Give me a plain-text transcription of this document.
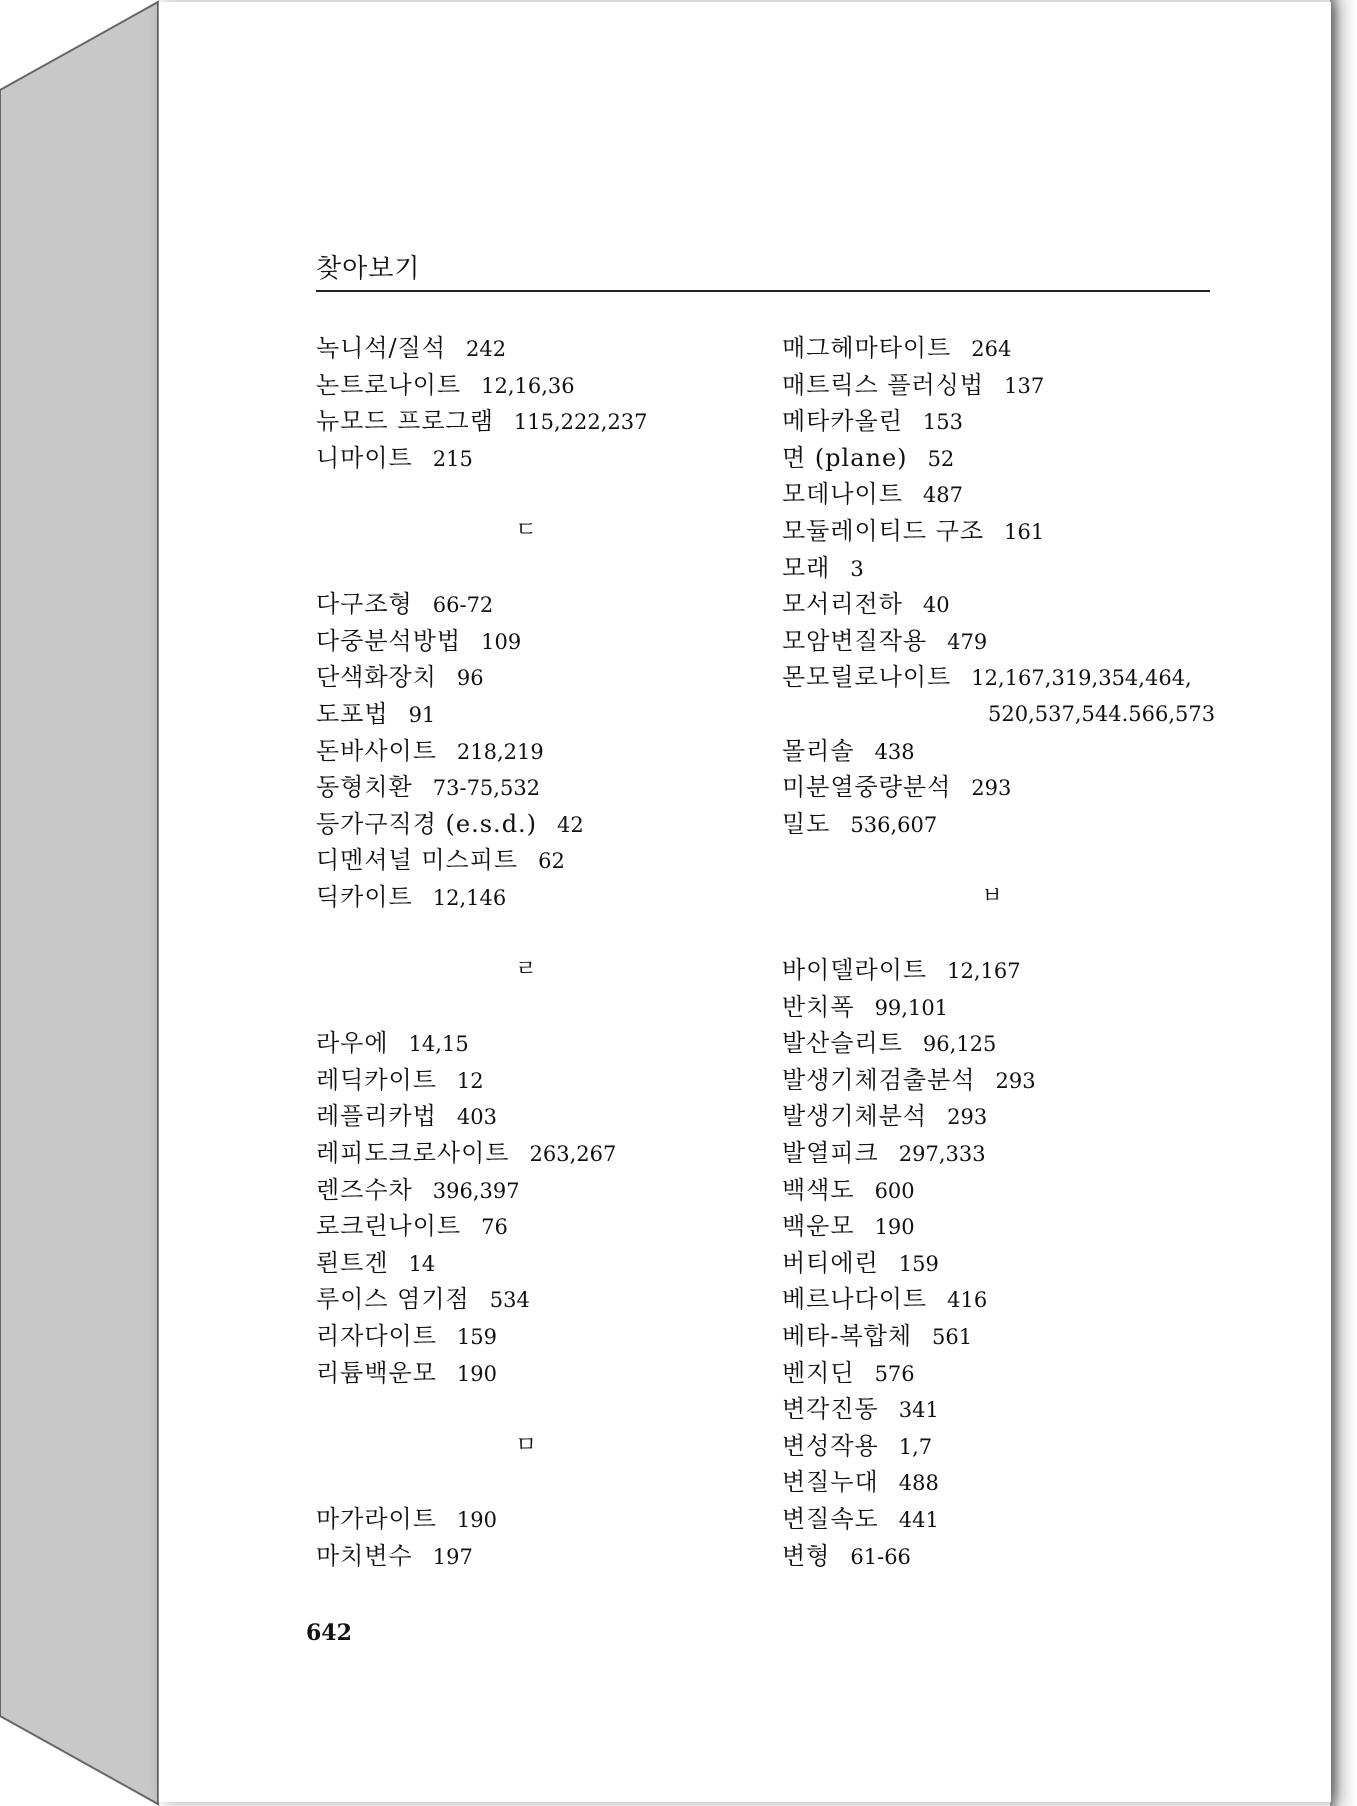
찾아보기
녹니석/질석 242
논트로나이트 12,16,36
뉴모드 프로그램 115,222,237
니마이트 215
ㄷ
다구조형 66-72
다중분석방법 109
단색화장치 96
도포법 91
돈바사이트 218,219
동형치환 73-75,532
등가구직경 (e.s.d.) 42
디멘셔널 미스피트 62
딕카이트 12,146
ㄹ
라우에 14,15
레딕카이트 12
레플리카법 403
레피도크로사이트 263,267
렌즈수차 396,397
로크린나이트 76
뢴트겐 14
루이스 염기점 534
리자다이트 159
리튬백운모 190
ㅁ
마가라이트 190
마치변수 197
매그헤마타이트 264
매트릭스 플러싱법 137
메타카올린 153
면 (plane) 52
모데나이트 487
모듈레이티드 구조 161
모래 3
모서리전하 40
모암변질작용 479
몬모릴로나이트 12,167,319,354,464,
520,537,544.566,573
몰리솔 438
미분열중량분석 293
밀도 536,607
ㅂ
바이델라이트 12,167
반치폭 99,101
발산슬리트 96,125
발생기체검출분석 293
발생기체분석 293
발열피크 297,333
백색도 600
백운모 190
버티에린 159
베르나다이트 416
베타-복합체 561
벤지딘 576
변각진동 341
변성작용 1,7
변질누대 488
변질속도 441
변형 61-66
642
